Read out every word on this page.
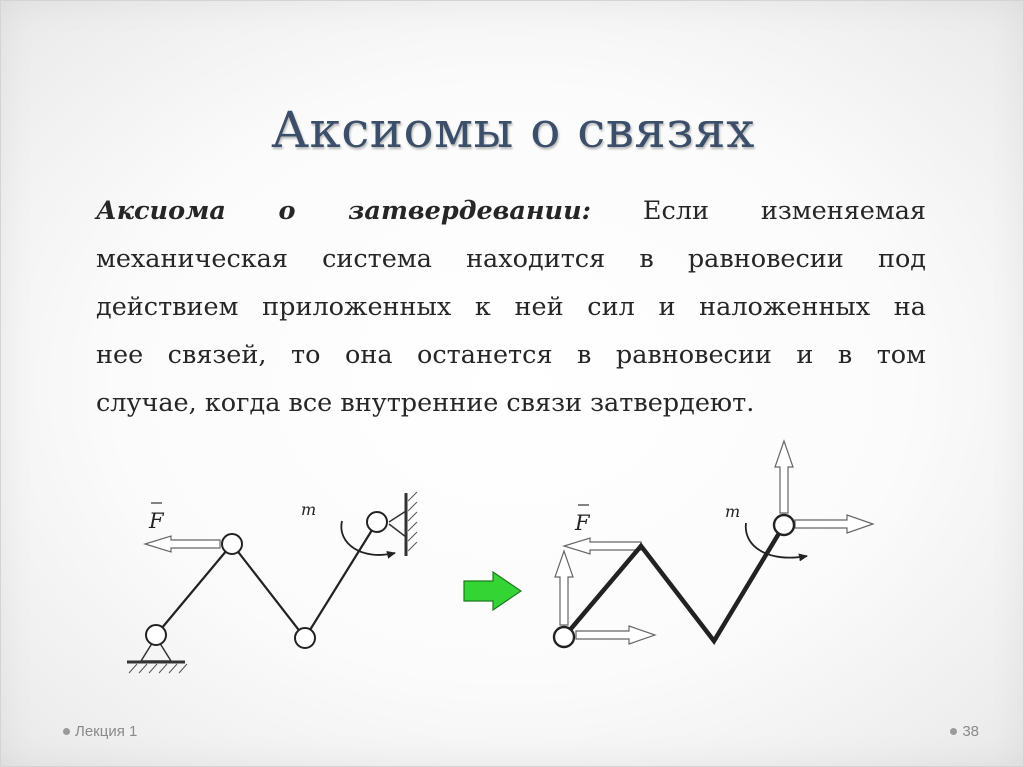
Аксиомы о связях
Аксиома о затвердевании: Если изменяемая
механическая система находится в равновесии под
действием приложенных к ней сил и наложенных на
нее связей, то она останется в равновесии и в том
случае, когда все внутренние связи затвердеют.
F	m
F	m
Лекция 1	38
